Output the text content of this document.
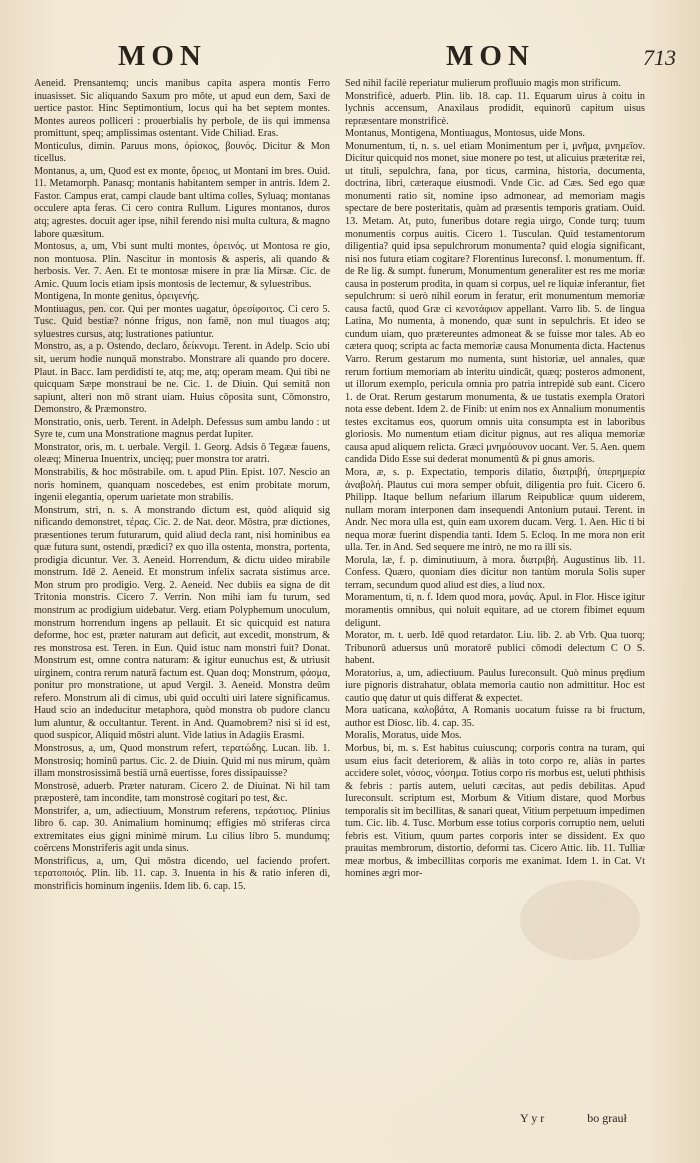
MON	MON	713

Aeneid. Prensantemq; uncis manibus capita aspera montis Ferro inuasisset. Sic aliquando Saxum pro mōte, ut apud eun dem, Saxi de uertice pastor. Hinc Septimontium, locus qui ha bet septem montes. Montes aureos polliceri : prouerbialis hy perbole, de iis qui immensa promittunt, speq; amplissimas ostentant. Vide Chiliad. Eras.

Monticulus, dimin. Paruus mons, ὀρίσκος, βουνός. Dicitur & Mon ticellus.

Montanus, a, um, Quod est ex monte, ὄρειος, ut Montani im bres. Ouid. 11. Metamorph. Panasq; montanis habitantem semper in antris. Idem 2. Fastor. Campus erat, campi claude bant ultima colles, Syluaq; montanas occulere apta feras. Ci cero contra Rullum. Ligures montanos, duros atq; agrestes. docuit ager ipse, nihil ferendo nisi multa cultura, & magno labore quæsitum.

Montosus, a, um, Vbi sunt multi montes, ὀρεινός. ut Montosa re gio, non montuosa. Plin. Nascitur in montosis & asperis, ali quando & herbosis. Ver. 7. Aen. Et te montosæ misere in præ lia Mirsæ. Cic. de Amic. Quum locis etiam ipsis montosis de lectemur, & syluestribus.

Montigena, In monte genitus, ὀρειγενής.

Montiuagus, pen. cor. Qui per montes uagatur, ὀρεσίφοιτος. Ci cero 5. Tusc. Quid bestiæ? nónne frigus, non famē, non mul tiuagos atq; syluestres cursus, atq; lustrationes patiuntur.

Monstro, as, a p. Ostendo, declaro, δείκνυμι. Terent. in Adelp. Scio ubi sit, uerum hodie nunquā monstrabo. Monstrare ali quando pro docere. Plaut. in Bacc. Iam perdidisti te, atq; me, atq; operam meam. Qui tibi ne quicquam Sæpe monstraui be ne. Cic. 1. de Diuin. Qui semitā non sapiunt, alteri non mō strant uiam. Huius cōposita sunt, Cōmonstro, Demonstro, & Præmonstro.

Monstratio, onis, uerb. Terent. in Adelph. Defessus sum ambu lando : ut Syre te, cum una Monstratione magnus perdat Iupiter.

Monstrator, oris, m. t. uerbale. Vergil. 1. Georg. Adsis ô Tegææ fauens, oleæq; Minerua Inuentrix, uncięq; puer monstra tor aratri.

Monstrabilis, & hoc mōstrabile. om. t. apud Plin. Epist. 107. Nescio an noris hominem, quanquam noscedebes, est enim probitate morum, ingenii elegantia, operum uarietate mon strabilis.

Monstrum, stri, n. s. A monstrando dictum est, quòd aliquid sig nificando demonstret, τέρας. Cic. 2. de Nat. deor. Mōstra, præ dictiones, præsentiones terum futurarum, quid aliud decla rant, nisi hominibus ea quæ futura sunt, ostendi, prædici? ex quo illa ostenta, monstra, portenta, prodigia dicuntur. Ver. 3. Aeneid. Horrendum, & dictu uideo mirabile monstrum. Idē 2. Aeneid. Et monstrum infelix sacrata sistimus arce. Mon strum pro prodigio. Verg. 2. Aeneid. Nec dubiis ea signa de dit Tritonia monstris. Cicero 7. Verrin. Non mihi iam fu turum, sed monstrum ac prodigium uidebatur. Verg. etiam Polyphemum unoculum, monstrum horrendum ingens ap pellauit. Et sic quicquid est natura deforme, hoc est, præter naturam aut deficit, aut excedit, monstrum, & res monstrosa est. Teren. in Eun. Quid istuc nam monstri fuit? Donat. Monstrum est, omne contra naturam: & igitur eunuchus est, & utriusit uirginem, contra rerum naturā factum est. Quan doq; Monstrum, φάσμα, ponitur pro monstratione, ut apud Vergil. 3. Aeneid. Monstra deûm refero. Monstrum ali di cimus, ubi quid occulti uiri latere significamus. Haud scio an indeducitur metaphora, quòd monstra ob pudore clancu lum aluntur, & occultantur. Terent. in And. Quamobrem? nisi si id est, quod suspicor, Aliquid mōstri alunt. Vide latius in Adagiis Erasmi.

Monstrosus, a, um, Quod monstrum refert, τερατώδης. Lucan. lib. 1. Monstrosiq; hominū partus. Cic. 2. de Diuin. Quid mi nus mirum, quàm illam monstrosissimā bestiā urnā euertisse, fores dissipauisse?

Monstrosè, aduerb. Præter naturam. Cicero 2. de Diuinat. Ni hil tam præposterè, tam incondite, tam monstrosè cogitari po test, &c.

Monstrifer, a, um, adiectiuum, Monstrum referens, τεράστιος. Plinius libro 6. cap. 30. Animalium hominumq; effigies mō striferas circa extremitates eius gigni minimè mirum. Lu cilius libro 5. mundumq; coërcens Monstriferis agit unda sinus.

Monstrificus, a, um, Qui mōstra dicendo, uel faciendo profert. τερατοποιός. Plin. lib. 11. cap. 3. Inuenta in his & ratio inferen di, monstrificis hominum ingeniis. Idem lib. 6. cap. 15.

Sed nihil facilè reperiatur mulierum profluuio magis mon strificum.

Monstrificè, aduerb. Plin. lib. 18. cap. 11. Equarum uirus à coitu in lychnis accensum, Anaxilaus prodidit, equinorū capitum uisus repræsentare monstrificè.

Montanus, Montigena, Montiuagus, Montosus, uide Mons.

Monumentum, ti, n. s. uel etiam Monimentum per i, μνῆμα, μνημεῖον. Dicitur quicquid nos monet, siue monere po test, ut alicuius præteritæ rei, ut tituli, sepulchra, fana, por ticus, carmina, historia, documenta, doctrina, libri, cæteraque eiusmodi. Vnde Cic. ad Cæs. Sed ego quæ monumenti ratio sit, nomine ipso admonear, ad memoriam magis spectare de bere posteritatis, quàm ad præsentis temporis gratiam. Ouid. 13. Metam. At, puto, funeribus dotare regia uirgo, Conde turq; tuum monumentis corpus auitis. Cicero 1. Tusculan. Quid testamentorum diligentia? quid ipsa sepulchrorum monumenta? quid elogia significant, nisi nos futura etiam cogitare? Florentinus Iureconsf. l. monumentum. ff. de Re lig. & sumpt. funerum, Monumentum generaliter est res me moriæ causa in posterum prodita, in quam si corpus, uel re liquiæ inferantur, fiet sepulchrum: si uerò nihil eorum in feratur, erit monumentum memoriæ causa factū, quod Græ ci κενοτάφιον appellant. Varro lib. 5. de lingua Latina, Mo numenta, à monendo, quæ sunt in sepulchris. Et ideo se cundum uiam, quo prætereuntes admoneat & se fuisse mor tales. Ab eo cætera quoq; scripta ac facta memoriæ causa Monumenta dicta. Hactenus Varro. Rerum gestarum mo numenta, sunt historiæ, uel annales, quæ rerum fortium memoriam ab interitu uindicāt, quæq; posteros admonent, ut illorum exemplo, pericula omnia pro patria intrepidè sub eant. Cicero 1. de Orat. Rerum gestarum monumenta, & ue tustatis exempla Oratori nota esse debent. Idem 2. de Finib: ut enim nos ex Annalium monumentis testes excitamus eos, quorum omnis uita consumpta est in laboribus gloriosis. Mo numentum etiam dicitur pignus, aut res aliqua memoriæ causa apud aliquem relicta. Græci μνημόσυνον uocant. Ver. 5. Aen. quem candida Dido Esse sui dederat monumentū & pi gnus amoris.

Mora, æ, s. p. Expectatio, temporis dilatio, διατριβή, ὑπερημερία ἀναβολή. Plautus cui mora semper obfuit, diligentia pro fuit. Cicero 6. Philipp. Itaque bellum nefarium illarum Reipublicæ quum uiderem, nullam moram interponen dam insequendi Antonium putaui. Terent. in Andr. Nec mora ulla est, quin eam uxorem ducam. Verg. 1. Aen. Hic ti bi nequa moræ fuerint dispendia tanti. Idem 5. Ecloq. In me mora non erit ulla. Ter. in And. Sed sequere me intrò, ne mo ra illi sis.

Morula, læ, f. p. diminutiuum, à mora. διατριβή. Augustinus lib. 11. Confess. Quæro, quoniam dies dicitur non tantùm morula Solis super terram, secundum quod aliud est dies, a liud nox.

Moramentum, ti, n. f. Idem quod mora, μονάς. Apul. in Flor. Hisce igitur moramentis omnibus, qui noluit equitare, ad ue ctorem fibimet equum deligunt.

Morator, m. t. uerb. Idē quod retardator. Liu. lib. 2. ab Vrb. Qua tuorq; Tribunorū aduersus unū moratorē publici cōmodi delectum C O S. habent.

Moratorius, a, um, adiectiuum. Paulus Iureconsult. Quò minus prędium iure pignoris distrahatur, oblata memoria cautio non admittitur. Hoc est cautio quę datur ut quis differat & expectet.

Mora uaticana, καλοβάτα, A Romanis uocatum fuisse ra bi fructum, author est Diosc. lib. 4. cap. 35.

Moralis, Moratus, uide Mos.

Morbus, bi, m. s. Est habitus cuiuscunq; corporis contra na turam, qui usum eius facit deteriorem, & aliàs in toto corpo re, aliàs in partes accidere solet, νόσος, νόσημα. Totius corpo ris morbus est, ueluti phthisis & febris : partis autem, ueluti cæcitas, aut pedis debilitas. Apud Iureconsult. scriptum est, Morbum & Vitium distare, quod Morbus temporalis sit im becillitas, & sanari queat, Vitium perpetuum impedimen tum. Cic. lib. 4. Tusc. Morbum esse totius corporis corruptio nem, ueluti febris est. Vitium, quum partes corporis inter se dissident. Ex quo prauitas membrorum, distortio, deformi tas. Cicero Attic. lib. 11. Tulliæ meæ morbus, & imbecillitas corporis me exanimat. Idem 1. in Cat. Vt homines ægri mor-

Y y r	bo grauł
